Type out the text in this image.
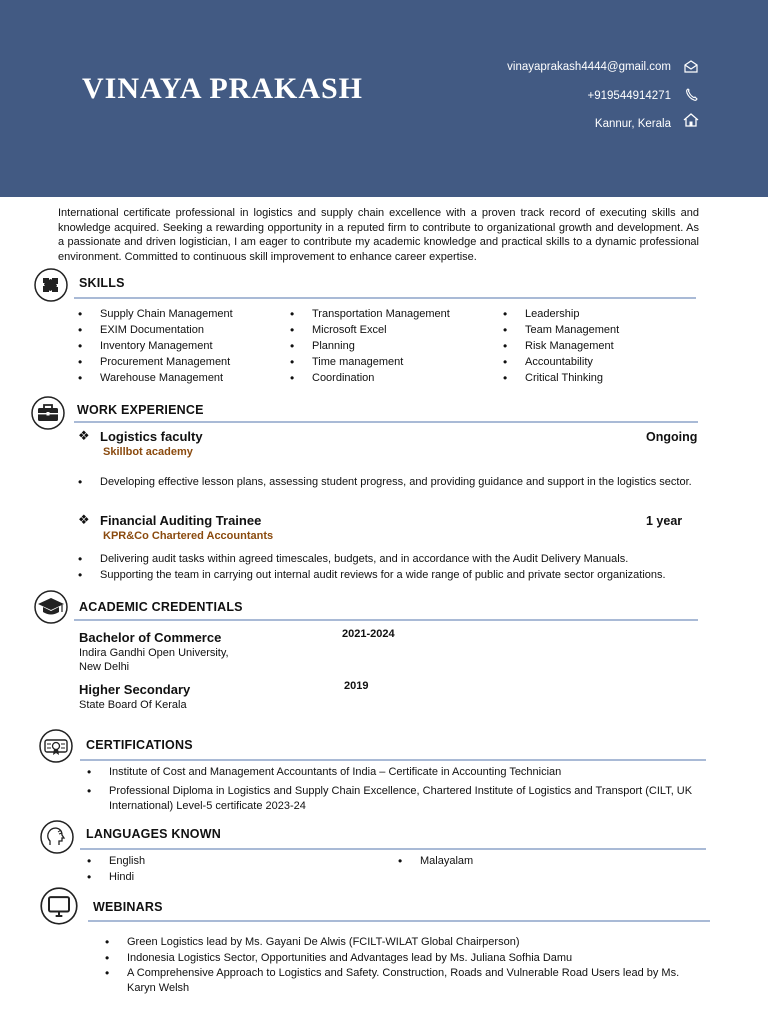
VINAYA PRAKASH
vinayaprakash4444@gmail.com
+919544914271
Kannur, Kerala
International certificate professional in logistics and supply chain excellence with a proven track record of executing skills and knowledge acquired. Seeking a rewarding opportunity in a reputed firm to contribute to organizational growth and development. As a passionate and driven logistician, I am eager to contribute my academic knowledge and practical skills to a dynamic professional environment. Committed to continuous skill improvement to enhance career expertise.
SKILLS
• Supply Chain Management
• EXIM Documentation
• Inventory Management
• Procurement Management
• Warehouse Management
• Transportation Management
• Microsoft Excel
• Planning
• Time management
• Coordination
• Leadership
• Team Management
• Risk Management
• Accountability
• Critical Thinking
WORK EXPERIENCE
❖ Logistics faculty	Ongoing
Skillbot academy
• Developing effective lesson plans, assessing student progress, and providing guidance and support in the logistics sector.
❖ Financial Auditing Trainee	1 year
KPR&Co Chartered Accountants
• Delivering audit tasks within agreed timescales, budgets, and in accordance with the Audit Delivery Manuals.
• Supporting the team in carrying out internal audit reviews for a wide range of public and private sector organizations.
ACADEMIC CREDENTIALS
Bachelor of Commerce	2021-2024
Indira Gandhi Open University,
New Delhi
Higher Secondary	2019
State Board Of Kerala
CERTIFICATIONS
• Institute of Cost and Management Accountants of India – Certificate in Accounting Technician
• Professional Diploma in Logistics and Supply Chain Excellence, Chartered Institute of Logistics and Transport (CILT, UK International) Level-5 certificate 2023-24
LANGUAGES KNOWN
• English
• Hindi
• Malayalam
WEBINARS
• Green Logistics lead by Ms. Gayani De Alwis (FCILT-WILAT Global Chairperson)
• Indonesia Logistics Sector, Opportunities and Advantages lead by Ms. Juliana Sofhia Damu
• A Comprehensive Approach to Logistics and Safety. Construction, Roads and Vulnerable Road Users lead by Ms. Karyn Welsh
